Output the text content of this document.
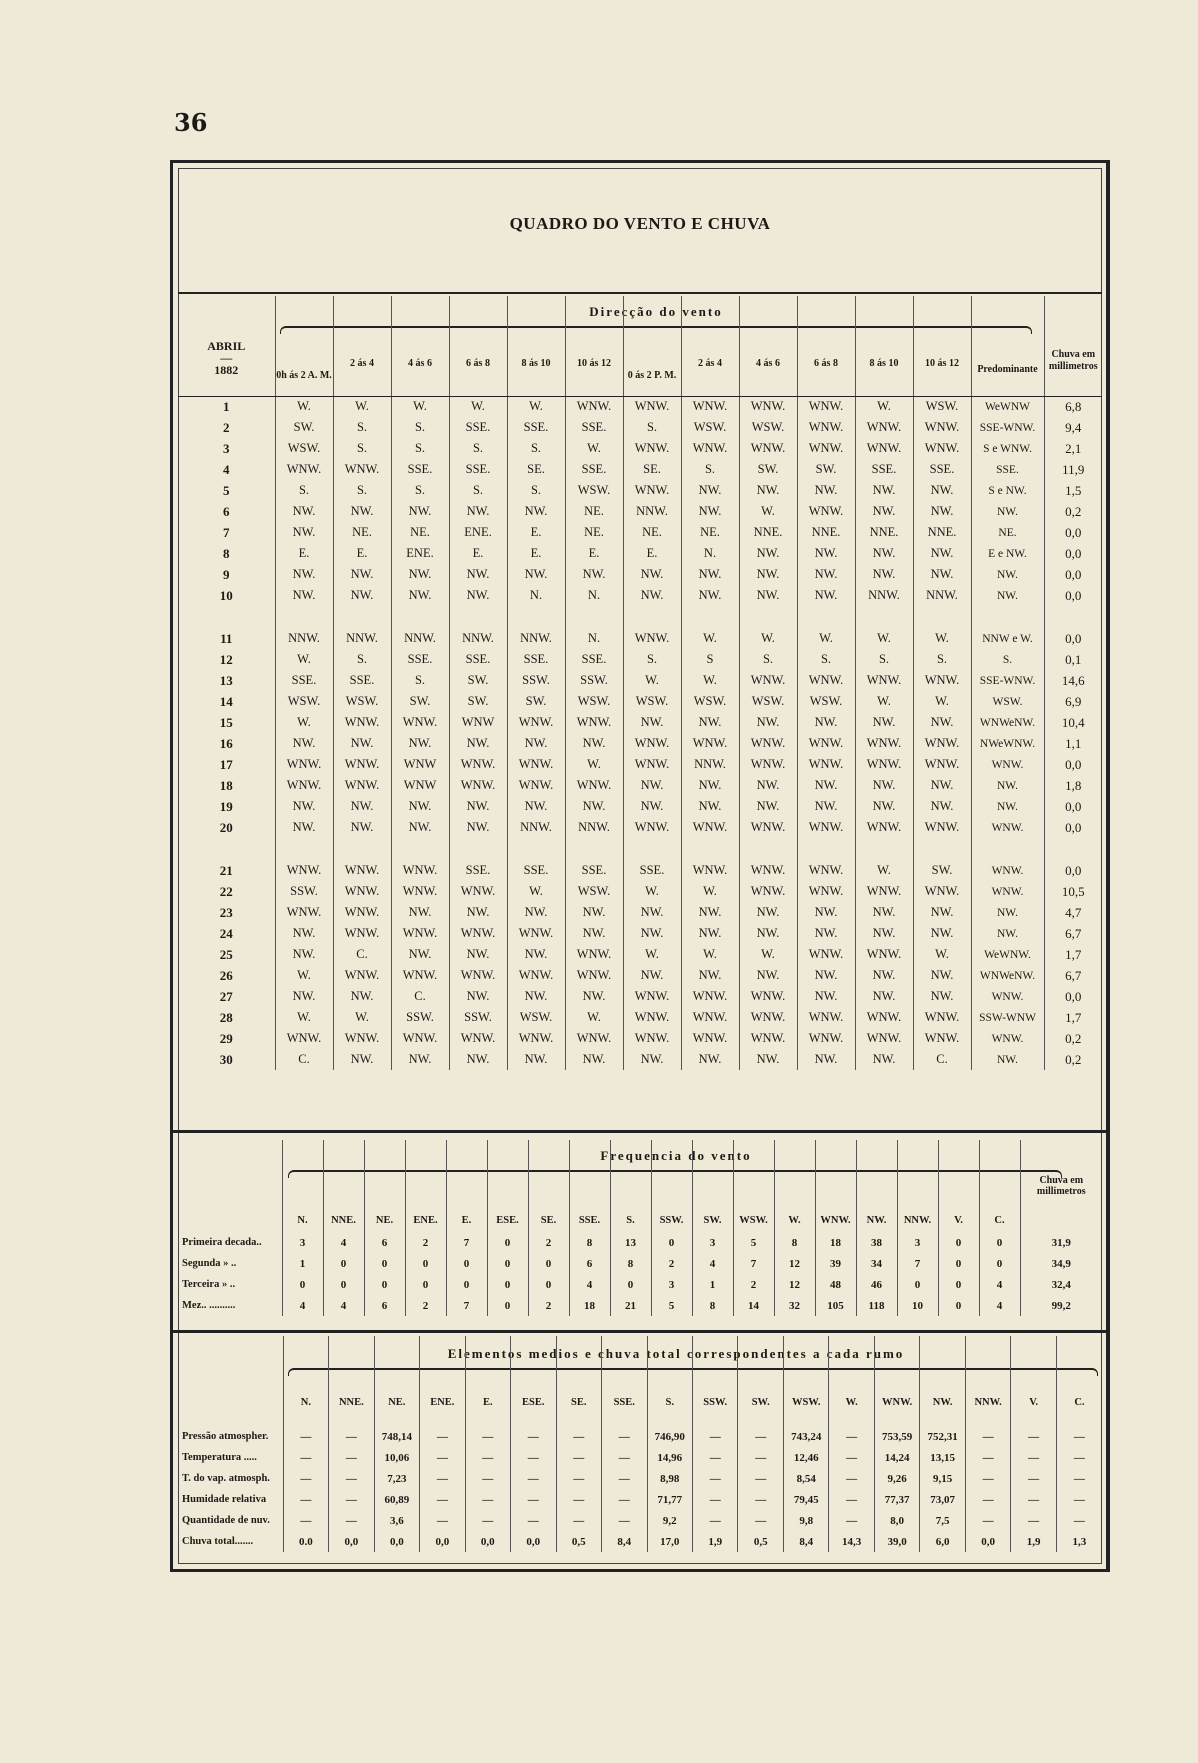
36
QUADRO DO VENTO E CHUVA
Direcção do vento
ABRIL
—
1882	0h ás 2 A. M.	2 ás 4	4 ás 6	6 ás 8	8 ás 10	10 ás 12	0 ás 2 P. M.	2 ás 4	4 ás 6	6 ás 8	8 ás 10	10 ás 12	Predominante	Chuva em millimetros
1	W.	W.	W.	W.	W.	WNW.	WNW.	WNW.	WNW.	WNW.	W.	WSW.	WeWNW	6,8
2	SW.	S.	S.	SSE.	SSE.	SSE.	S.	WSW.	WSW.	WNW.	WNW.	WNW.	SSE-WNW.	9,4
3	WSW.	S.	S.	S.	S.	W.	WNW.	WNW.	WNW.	WNW.	WNW.	WNW.	S e WNW.	2,1
4	WNW.	WNW.	SSE.	SSE.	SE.	SSE.	SE.	S.	SW.	SW.	SSE.	SSE.	SSE.	11,9
5	S.	S.	S.	S.	S.	WSW.	WNW.	NW.	NW.	NW.	NW.	NW.	S e NW.	1,5
6	NW.	NW.	NW.	NW.	NW.	NE.	NNW.	NW.	W.	WNW.	NW.	NW.	NW.	0,2
7	NW.	NE.	NE.	ENE.	E.	NE.	NE.	NE.	NNE.	NNE.	NNE.	NNE.	NE.	0,0
8	E.	E.	ENE.	E.	E.	E.	E.	N.	NW.	NW.	NW.	NW.	E e NW.	0,0
9	NW.	NW.	NW.	NW.	NW.	NW.	NW.	NW.	NW.	NW.	NW.	NW.	NW.	0,0
10	NW.	NW.	NW.	NW.	N.	N.	NW.	NW.	NW.	NW.	NNW.	NNW.	NW.	0,0

11	NNW.	NNW.	NNW.	NNW.	NNW.	N.	WNW.	W.	W.	W.	W.	W.	NNW e W.	0,0
12	W.	S.	SSE.	SSE.	SSE.	SSE.	S.	S	S.	S.	S.	S.	S.	0,1
13	SSE.	SSE.	S.	SW.	SSW.	SSW.	W.	W.	WNW.	WNW.	WNW.	WNW.	SSE-WNW.	14,6
14	WSW.	WSW.	SW.	SW.	SW.	WSW.	WSW.	WSW.	WSW.	WSW.	W.	W.	WSW.	6,9
15	W.	WNW.	WNW.	WNW	WNW.	WNW.	NW.	NW.	NW.	NW.	NW.	NW.	WNWeNW.	10,4
16	NW.	NW.	NW.	NW.	NW.	NW.	WNW.	WNW.	WNW.	WNW.	WNW.	WNW.	NWeWNW.	1,1
17	WNW.	WNW.	WNW	WNW.	WNW.	W.	WNW.	NNW.	WNW.	WNW.	WNW.	WNW.	WNW.	0,0
18	WNW.	WNW.	WNW	WNW.	WNW.	WNW.	NW.	NW.	NW.	NW.	NW.	NW.	NW.	1,8
19	NW.	NW.	NW.	NW.	NW.	NW.	NW.	NW.	NW.	NW.	NW.	NW.	NW.	0,0
20	NW.	NW.	NW.	NW.	NNW.	NNW.	WNW.	WNW.	WNW.	WNW.	WNW.	WNW.	WNW.	0,0

21	WNW.	WNW.	WNW.	SSE.	SSE.	SSE.	SSE.	WNW.	WNW.	WNW.	W.	SW.	WNW.	0,0
22	SSW.	WNW.	WNW.	WNW.	W.	WSW.	W.	W.	WNW.	WNW.	WNW.	WNW.	WNW.	10,5
23	WNW.	WNW.	NW.	NW.	NW.	NW.	NW.	NW.	NW.	NW.	NW.	NW.	NW.	4,7
24	NW.	WNW.	WNW.	WNW.	WNW.	NW.	NW.	NW.	NW.	NW.	NW.	NW.	NW.	6,7
25	NW.	C.	NW.	NW.	NW.	WNW.	W.	W.	W.	WNW.	WNW.	W.	WeWNW.	1,7
26	W.	WNW.	WNW.	WNW.	WNW.	WNW.	NW.	NW.	NW.	NW.	NW.	NW.	WNWeNW.	6,7
27	NW.	NW.	C.	NW.	NW.	NW.	WNW.	WNW.	WNW.	NW.	NW.	NW.	WNW.	0,0
28	W.	W.	SSW.	SSW.	WSW.	W.	WNW.	WNW.	WNW.	WNW.	WNW.	WNW.	SSW-WNW	1,7
29	WNW.	WNW.	WNW.	WNW.	WNW.	WNW.	WNW.	WNW.	WNW.	WNW.	WNW.	WNW.	WNW.	0,2
30	C.	NW.	NW.	NW.	NW.	NW.	NW.	NW.	NW.	NW.	NW.	C.	NW.	0,2
Frequencia do vento
	N.	NNE.	NE.	ENE.	E.	ESE.	SE.	SSE.	S.	SSW.	SW.	WSW.	W.	WNW.	NW.	NNW.	V.	C.	Chuva em millimetros
Primeira decada..	3	4	6	2	7	0	2	8	13	0	3	5	8	18	38	3	0	0	31,9
Segunda » ..	1	0	0	0	0	0	0	6	8	2	4	7	12	39	34	7	0	0	34,9
Terceira » ..	0	0	0	0	0	0	0	4	0	3	1	2	12	48	46	0	0	4	32,4
Mez.. ..........	4	4	6	2	7	0	2	18	21	5	8	14	32	105	118	10	0	4	99,2
Elementos medios e chuva total correspondentes a cada rumo
	N.	NNE.	NE.	ENE.	E.	ESE.	SE.	SSE.	S.	SSW.	SW.	WSW.	W.	WNW.	NW.	NNW.	V.	C.
Pressão atmospher.	—	—	748,14	—	—	—	—	—	746,90	—	—	743,24	—	753,59	752,31	—	—	—
Temperatura .....	—	—	10,06	—	—	—	—	—	14,96	—	—	12,46	—	14,24	13,15	—	—	—
T. do vap. atmosph.	—	—	7,23	—	—	—	—	—	8,98	—	—	8,54	—	9,26	9,15	—	—	—
Humidade relativa	—	—	60,89	—	—	—	—	—	71,77	—	—	79,45	—	77,37	73,07	—	—	—
Quantidade de nuv.	—	—	3,6	—	—	—	—	—	9,2	—	—	9,8	—	8,0	7,5	—	—	—
Chuva total.......	0.0	0,0	0,0	0,0	0,0	0,0	0,5	8,4	17,0	1,9	0,5	8,4	14,3	39,0	6,0	0,0	1,9	1,3
